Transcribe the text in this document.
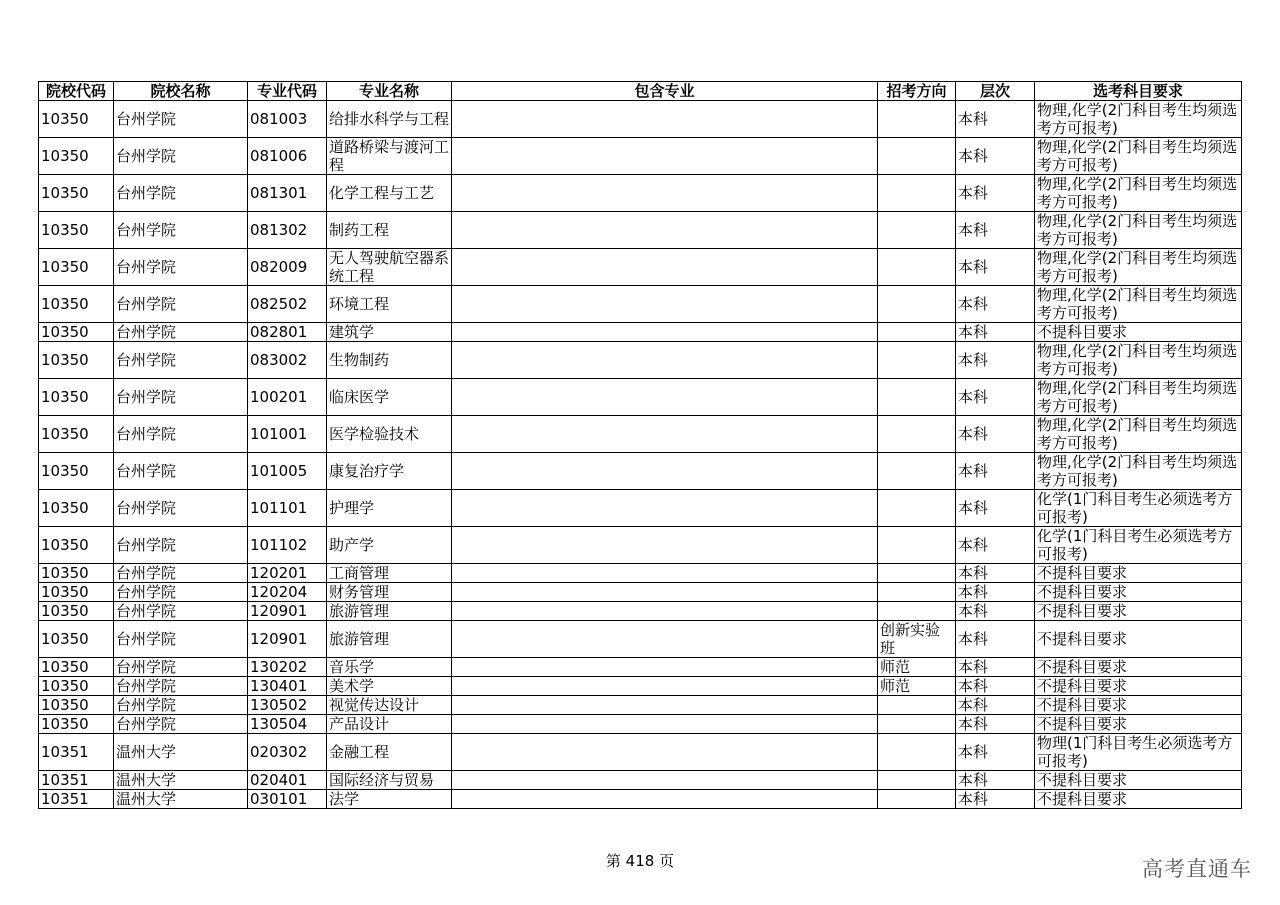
院校代码	院校名称	专业代码	专业名称	包含专业	招考方向	层次	选考科目要求
10350	台州学院	081003	给排水科学与工程			本科	物理,化学(2门科目考生均须选考方可报考)
10350	台州学院	081006	道路桥梁与渡河工程			本科	物理,化学(2门科目考生均须选考方可报考)
10350	台州学院	081301	化学工程与工艺			本科	物理,化学(2门科目考生均须选考方可报考)
10350	台州学院	081302	制药工程			本科	物理,化学(2门科目考生均须选考方可报考)
10350	台州学院	082009	无人驾驶航空器系统工程			本科	物理,化学(2门科目考生均须选考方可报考)
10350	台州学院	082502	环境工程			本科	物理,化学(2门科目考生均须选考方可报考)
10350	台州学院	082801	建筑学			本科	不提科目要求
10350	台州学院	083002	生物制药			本科	物理,化学(2门科目考生均须选考方可报考)
10350	台州学院	100201	临床医学			本科	物理,化学(2门科目考生均须选考方可报考)
10350	台州学院	101001	医学检验技术			本科	物理,化学(2门科目考生均须选考方可报考)
10350	台州学院	101005	康复治疗学			本科	物理,化学(2门科目考生均须选考方可报考)
10350	台州学院	101101	护理学			本科	化学(1门科目考生必须选考方可报考)
10350	台州学院	101102	助产学			本科	化学(1门科目考生必须选考方可报考)
10350	台州学院	120201	工商管理			本科	不提科目要求
10350	台州学院	120204	财务管理			本科	不提科目要求
10350	台州学院	120901	旅游管理			本科	不提科目要求
10350	台州学院	120901	旅游管理		创新实验班	本科	不提科目要求
10350	台州学院	130202	音乐学		师范	本科	不提科目要求
10350	台州学院	130401	美术学		师范	本科	不提科目要求
10350	台州学院	130502	视觉传达设计			本科	不提科目要求
10350	台州学院	130504	产品设计			本科	不提科目要求
10351	温州大学	020302	金融工程			本科	物理(1门科目考生必须选考方可报考)
10351	温州大学	020401	国际经济与贸易			本科	不提科目要求
10351	温州大学	030101	法学			本科	不提科目要求
第 418 页	高考直通车
